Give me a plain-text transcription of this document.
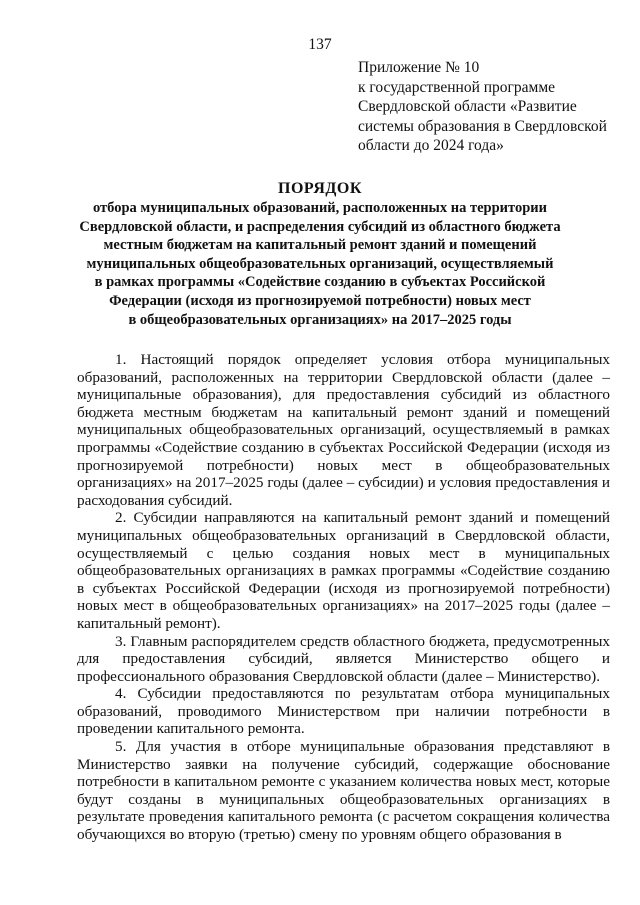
137
Приложение № 10
к государственной программе
Свердловской области «Развитие
системы образования в Свердловской
области до 2024 года»
ПОРЯДОК
отбора муниципальных образований, расположенных на территории
Свердловской области, и распределения субсидий из областного бюджета
местным бюджетам на капитальный ремонт зданий и помещений
муниципальных общеобразовательных организаций, осуществляемый
в рамках программы «Содействие созданию в субъектах Российской
Федерации (исходя из прогнозируемой потребности) новых мест
в общеобразовательных организациях» на 2017–2025 годы

1. Настоящий порядок определяет условия отбора муниципальных образований, расположенных на территории Свердловской области (далее – муниципальные образования), для предоставления субсидий из областного бюджета местным бюджетам на капитальный ремонт зданий и помещений муниципальных общеобразовательных организаций, осуществляемый в рамках программы «Содействие созданию в субъектах Российской Федерации (исходя из прогнозируемой потребности) новых мест в общеобразовательных организациях» на 2017–2025 годы (далее – субсидии) и условия предоставления и расходования субсидий.

2. Субсидии направляются на капитальный ремонт зданий и помещений муниципальных общеобразовательных организаций в Свердловской области, осуществляемый с целью создания новых мест в муниципальных общеобразовательных организациях в рамках программы «Содействие созданию в субъектах Российской Федерации (исходя из прогнозируемой потребности) новых мест в общеобразовательных организациях» на 2017–2025 годы (далее – капитальный ремонт).

3. Главным распорядителем средств областного бюджета, предусмотренных для предоставления субсидий, является Министерство общего и профессионального образования Свердловской области (далее – Министерство).

4. Субсидии предоставляются по результатам отбора муниципальных образований, проводимого Министерством при наличии потребности в проведении капитального ремонта.

5. Для участия в отборе муниципальные образования представляют в Министерство заявки на получение субсидий, содержащие обоснование потребности в капитальном ремонте с указанием количества новых мест, которые будут созданы в муниципальных общеобразовательных организациях в результате проведения капитального ремонта (с расчетом сокращения количества обучающихся во вторую (третью) смену по уровням общего образования в
